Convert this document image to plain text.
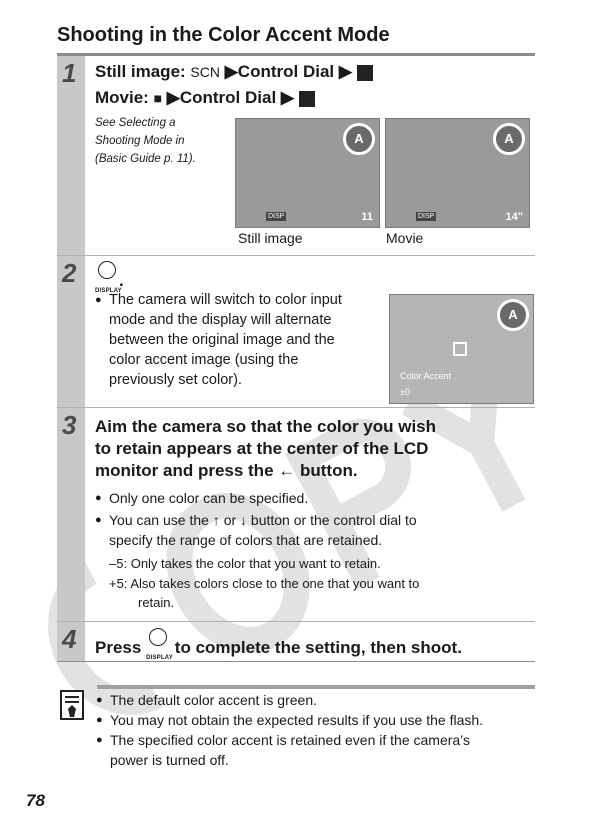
Shooting in the Color Accent Mode
1 Still image: SCN ▶Control Dial ▶
Movie: ■ ▶Control Dial ▶
See Selecting a
Shooting Mode in
(Basic Guide p. 11).
A
DISP	11
A
DISP	14"
Still image	Movie
2
DISPLAY
.
● The camera will switch to color input
mode and the display will alternate
between the original image and the
color accent image (using the
previously set color).
A
Color Accent
±0
3 Aim the camera so that the color you wish
to retain appears at the center of the LCD
monitor and press the ← button.
● Only one color can be specified.
● You can use the ↑ or ↓ button or the control dial to
specify the range of colors that are retained.
–5: Only takes the color that you want to retain.
+5: Also takes colors close to the one that you want to
retain.
4 Press
DISPLAY
to complete the setting, then shoot.
● The default color accent is green.
● You may not obtain the expected results if you use the flash.
● The specified color accent is retained even if the camera’s
power is turned off.
78
